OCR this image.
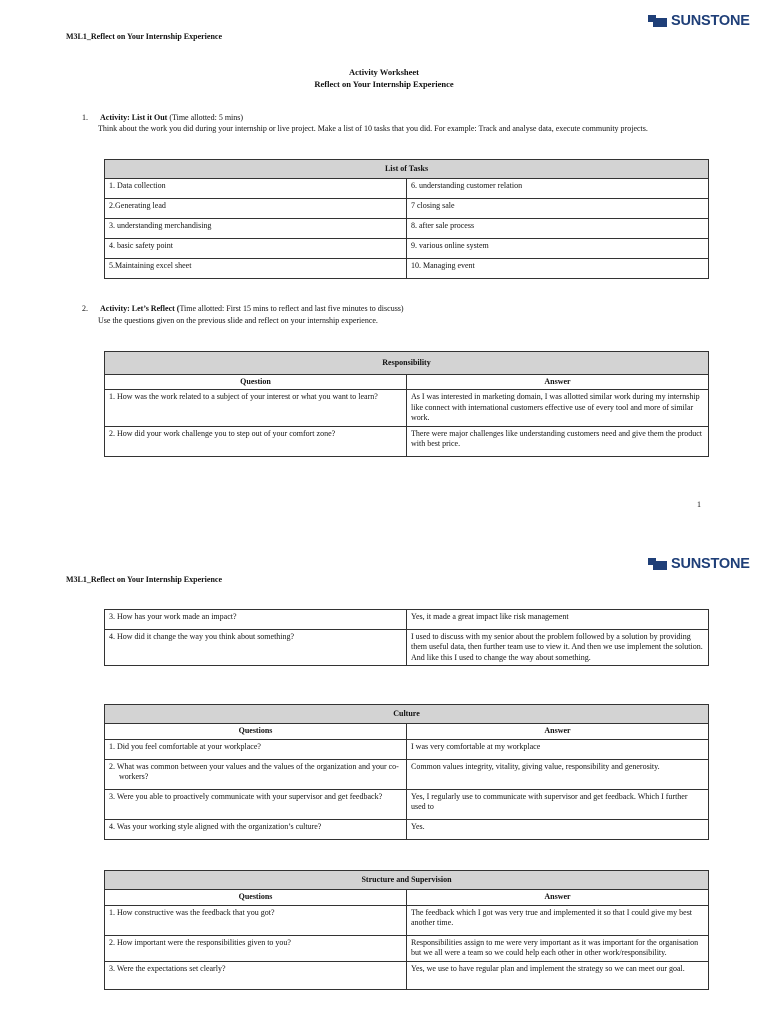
SUNSTONE
M3L1_Reflect on Your Internship Experience
Activity Worksheet
Reflect on Your Internship Experience
1. Activity: List it Out (Time allotted: 5 mins)
Think about the work you did during your internship or live project. Make a list of 10 tasks that you did. For example: Track and analyse data, execute community projects.
List of Tasks	
1. Data collection	6. understanding customer relation
2.Generating lead	7 closing sale
3. understanding merchandising	8. after sale process
4. basic safety point	9. various online system
5.Maintaining excel sheet	10. Managing event
2. Activity: Let’s Reflect (Time allotted: First 15 mins to reflect and last five minutes to discuss)
Use the questions given on the previous slide and reflect on your internship experience.
Responsibility	
Question	Answer
1. How was the work related to a subject of your interest or what you want to learn?	As I was interested in marketing domain, I was allotted similar work during my internship like connect with international customers effective use of every tool and more of similar work.
2. How did your work challenge you to step out of your comfort zone?	There were major challenges like understanding customers need and give them the product with best price.
1
SUNSTONE
M3L1_Reflect on Your Internship Experience
3. How has your work made an impact?	Yes, it made a great impact like risk management
4. How did it change the way you think about something?	I used to discuss with my senior about the problem followed by a solution by providing them useful data, then further team use to view it. And then we use implement the solution. And like this I used to change the way about something.
Culture	
Questions	Answer
1. Did you feel comfortable at your workplace?	I was very comfortable at my workplace
2. What was common between your values and the values of the organization and your co-workers?	Common values integrity, vitality, giving value, responsibility and generosity.
3. Were you able to proactively communicate with your supervisor and get feedback?	Yes, I regularly use to communicate with supervisor and get feedback. Which I further used to
4. Was your working style aligned with the organization’s culture?	Yes.
Structure and Supervision	
Questions	Answer
1. How constructive was the feedback that you got?	The feedback which I got was very true and implemented it so that I could give my best another time.
2. How important were the responsibilities given to you?	Responsibilities assign to me were very important as it was important for the organisation but we all were a team so we could help each other in other work/responsibility.
3. Were the expectations set clearly?	Yes, we use to have regular plan and implement the strategy so we can meet our goal.
